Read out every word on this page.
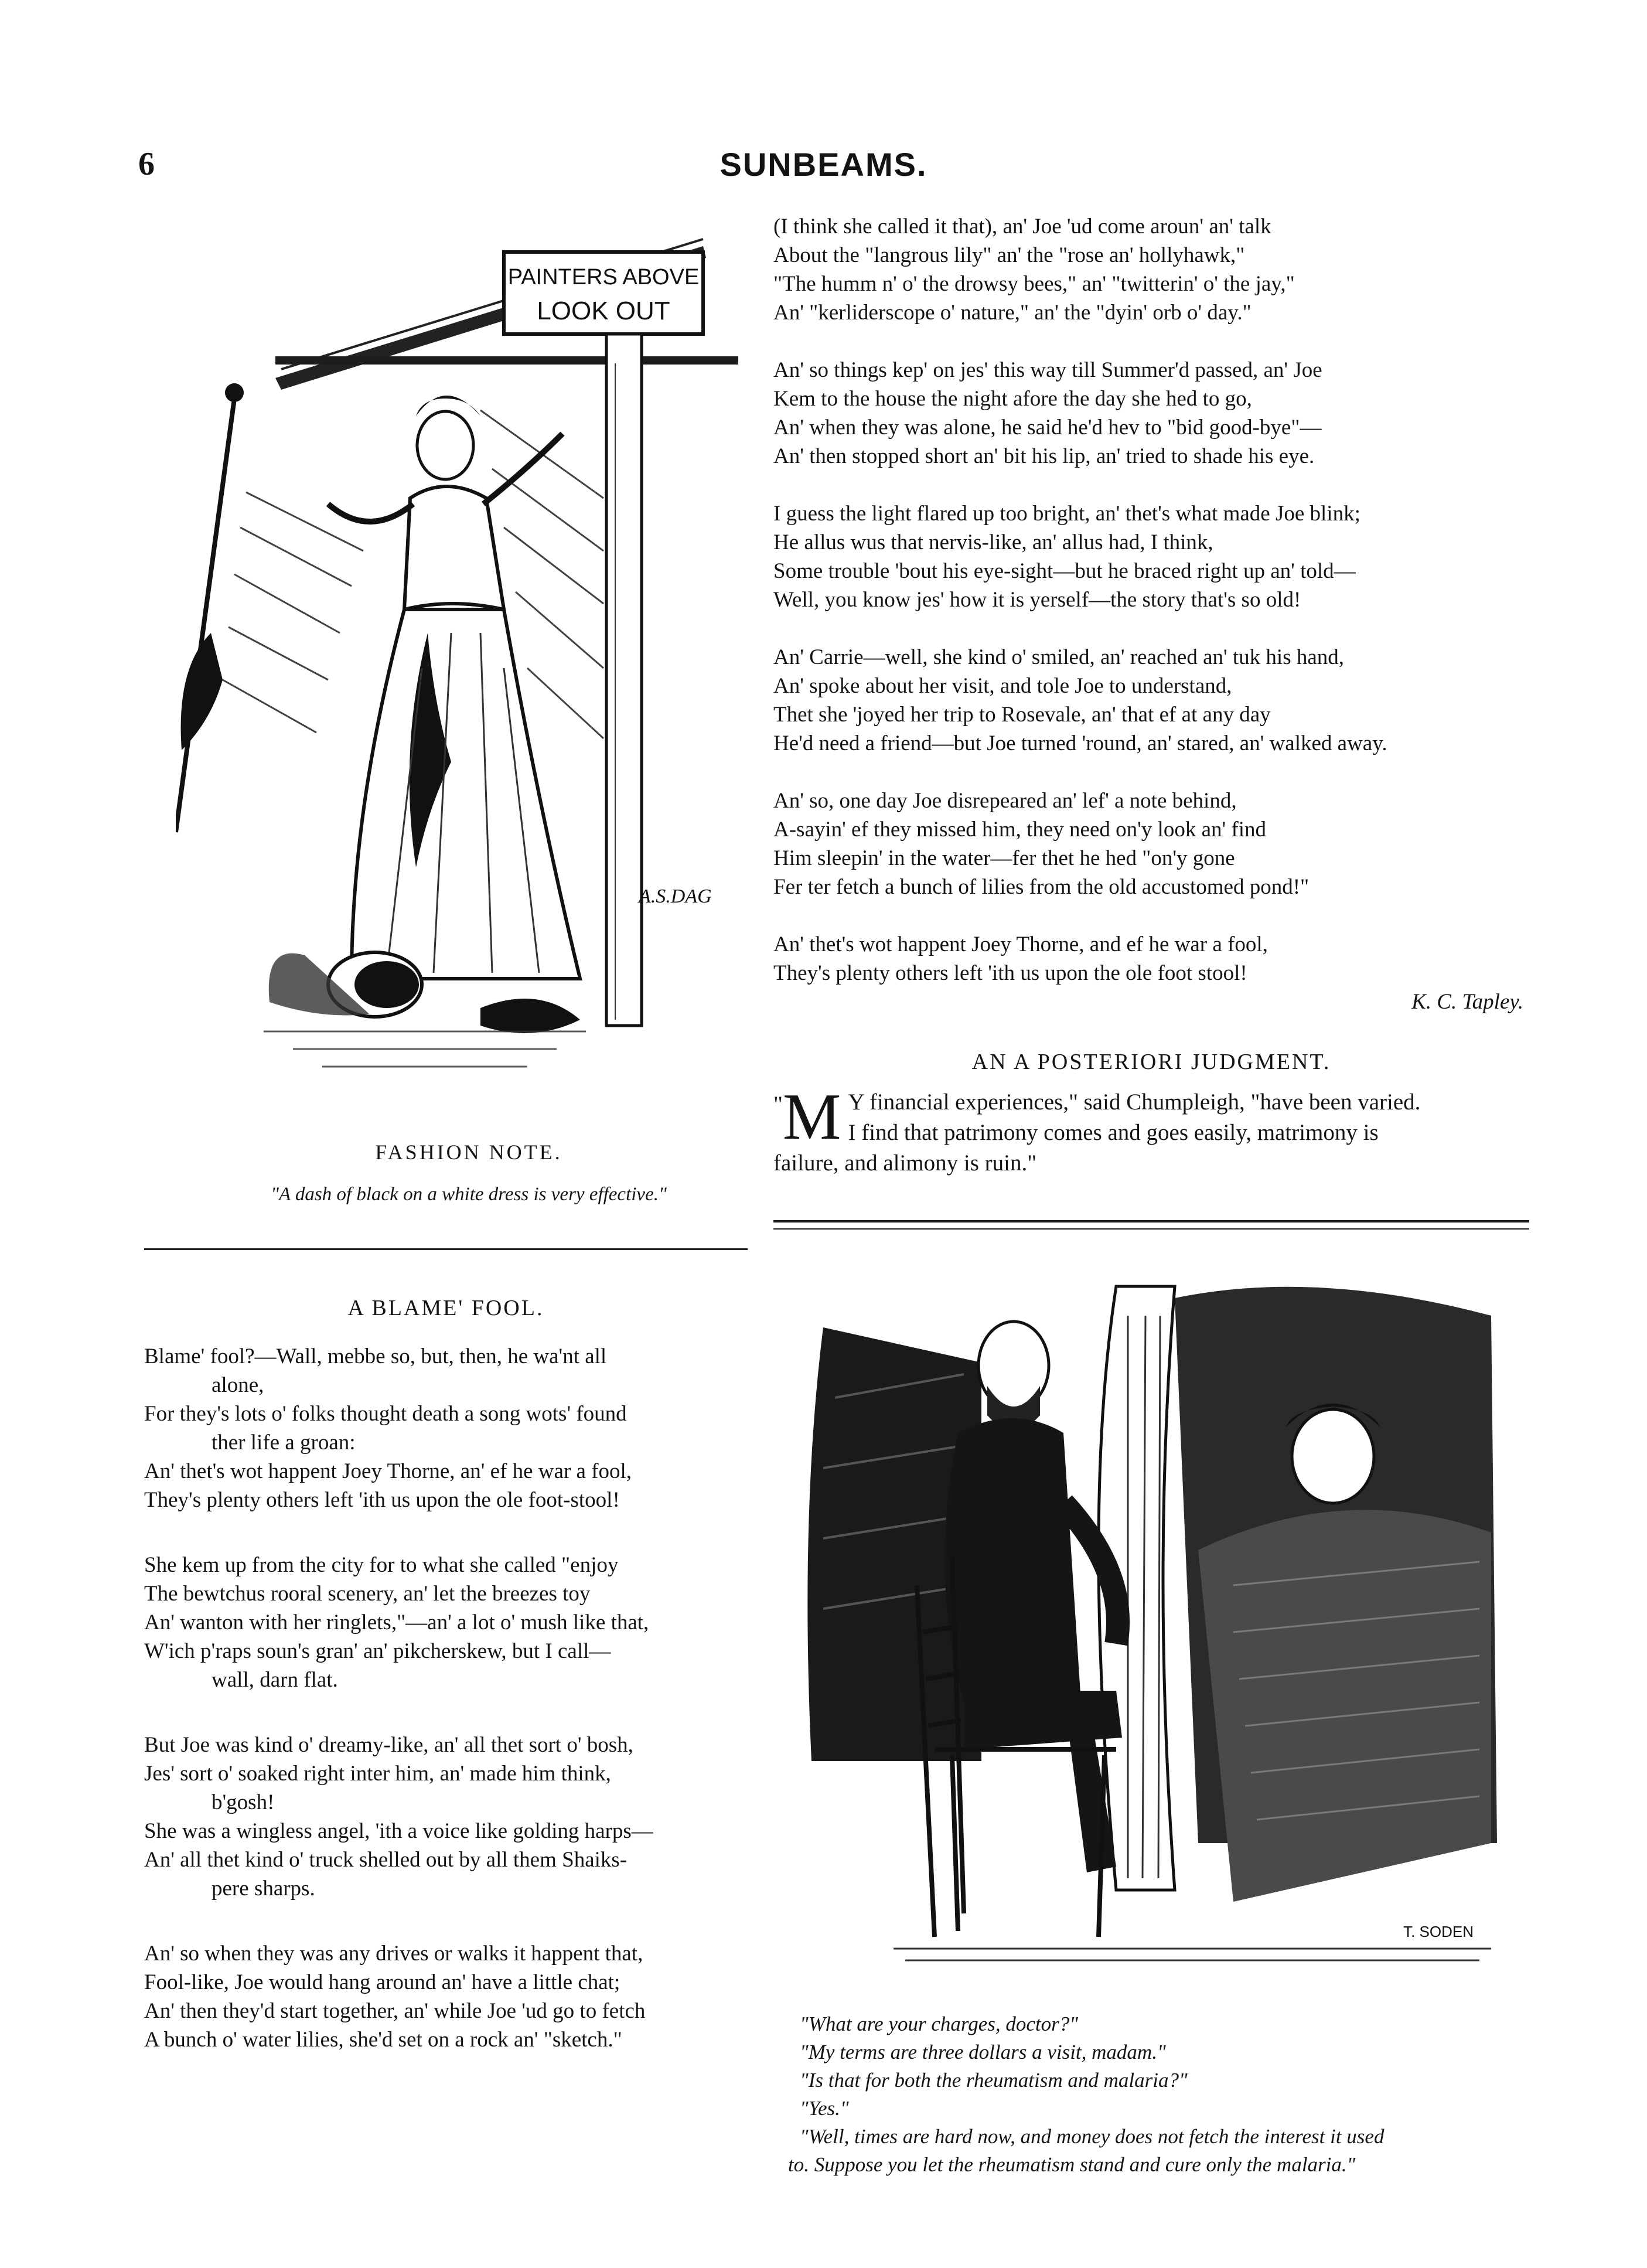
6	SUNBEAMS.
PAINTERS ABOVE
LOOK OUT
A.S.DAG
FASHION NOTE.
"A dash of black on a white dress is very effective."
(I think she called it that), an' Joe 'ud come aroun' an' talk
About the "langrous lily" an' the "rose an' hollyhawk,"
"The humm n' o' the drowsy bees," an' "twitterin' o' the jay,"
An' "kerliderscope o' nature," an' the "dyin' orb o' day."
An' so things kep' on jes' this way till Summer'd passed, an' Joe
Kem to the house the night afore the day she hed to go,
An' when they was alone, he said he'd hev to "bid good-bye"—
An' then stopped short an' bit his lip, an' tried to shade his eye.
I guess the light flared up too bright, an' thet's what made Joe blink;
He allus wus that nervis-like, an' allus had, I think,
Some trouble 'bout his eye-sight—but he braced right up an' told—
Well, you know jes' how it is yerself—the story that's so old!
An' Carrie—well, she kind o' smiled, an' reached an' tuk his hand,
An' spoke about her visit, and tole Joe to understand,
Thet she 'joyed her trip to Rosevale, an' that ef at any day
He'd need a friend—but Joe turned 'round, an' stared, an' walked away.
An' so, one day Joe disrepeared an' lef' a note behind,
A-sayin' ef they missed him, they need on'y look an' find
Him sleepin' in the water—fer thet he hed "on'y gone
Fer ter fetch a bunch of lilies from the old accustomed pond!"
An' thet's wot happent Joey Thorne, and ef he war a fool,
They's plenty others left 'ith us upon the ole foot stool!
K. C. Tapley.
AN A POSTERIORI JUDGMENT.
" M Y financial experiences," said Chumpleigh, "have been varied.
I find that patrimony comes and goes easily, matrimony is
failure, and alimony is ruin."
A BLAME' FOOL.
Blame' fool?—Wall, mebbe so, but, then, he wa'nt all
alone,
For they's lots o' folks thought death a song wots' found
ther life a groan:
An' thet's wot happent Joey Thorne, an' ef he war a fool,
They's plenty others left 'ith us upon the ole foot-stool!
She kem up from the city for to what she called "enjoy
The bewtchus rooral scenery, an' let the breezes toy
An' wanton with her ringlets,"—an' a lot o' mush like that,
W'ich p'raps soun's gran' an' pikcherskew, but I call—
wall, darn flat.
But Joe was kind o' dreamy-like, an' all thet sort o' bosh,
Jes' sort o' soaked right inter him, an' made him think,
b'gosh!
She was a wingless angel, 'ith a voice like golding harps—
An' all thet kind o' truck shelled out by all them Shaiks-
pere sharps.
An' so when they was any drives or walks it happent that,
Fool-like, Joe would hang around an' have a little chat;
An' then they'd start together, an' while Joe 'ud go to fetch
A bunch o' water lilies, she'd set on a rock an' "sketch."
T. SODEN
"What are your charges, doctor?"
"My terms are three dollars a visit, madam."
"Is that for both the rheumatism and malaria?"
"Yes."
"Well, times are hard now, and money does not fetch the interest it used
to. Suppose you let the rheumatism stand and cure only the malaria."
